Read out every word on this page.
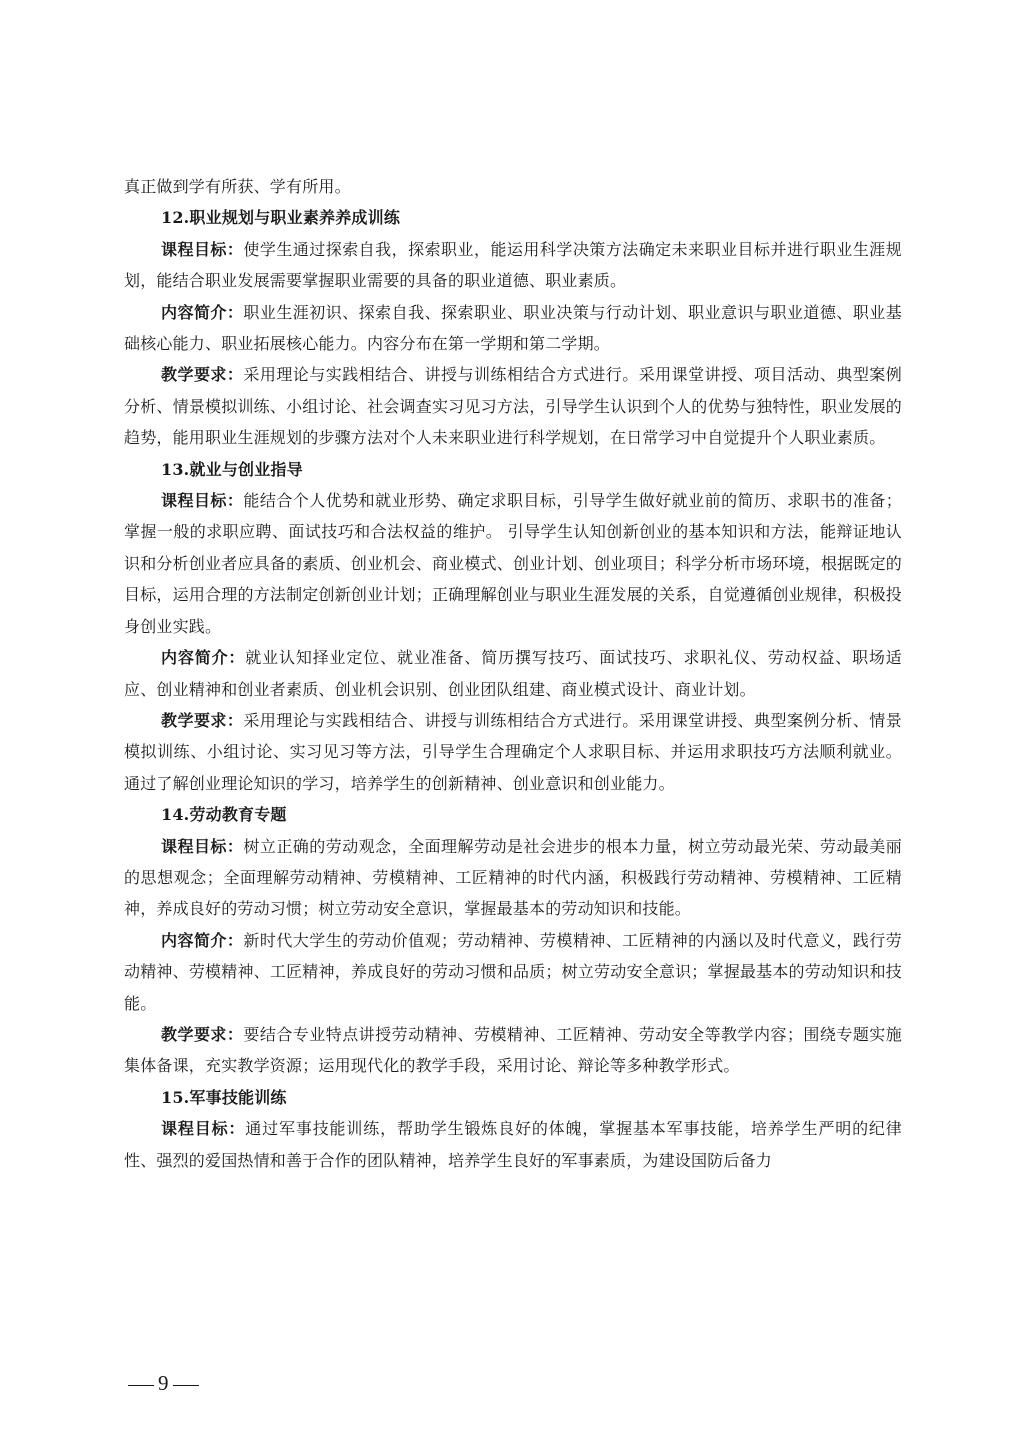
真正做到学有所获、学有所用。

12.职业规划与职业素养养成训练

课程目标：使学生通过探索自我，探索职业，能运用科学决策方法确定未来职业目标并进行职业生涯规划，能结合职业发展需要掌握职业需要的具备的职业道德、职业素质。

内容简介：职业生涯初识、探索自我、探索职业、职业决策与行动计划、职业意识与职业道德、职业基础核心能力、职业拓展核心能力。内容分布在第一学期和第二学期。

教学要求：采用理论与实践相结合、讲授与训练相结合方式进行。采用课堂讲授、项目活动、典型案例分析、情景模拟训练、小组讨论、社会调查实习见习方法，引导学生认识到个人的优势与独特性，职业发展的趋势，能用职业生涯规划的步骤方法对个人未来职业进行科学规划，在日常学习中自觉提升个人职业素质。

13.就业与创业指导

课程目标：能结合个人优势和就业形势、确定求职目标，引导学生做好就业前的简历、求职书的准备；掌握一般的求职应聘、面试技巧和合法权益的维护。 引导学生认知创新创业的基本知识和方法，能辩证地认识和分析创业者应具备的素质、创业机会、商业模式、创业计划、创业项目；科学分析市场环境，根据既定的目标，运用合理的方法制定创新创业计划；正确理解创业与职业生涯发展的关系，自觉遵循创业规律，积极投身创业实践。

内容简介：就业认知择业定位、就业准备、简历撰写技巧、面试技巧、求职礼仪、劳动权益、职场适应、创业精神和创业者素质、创业机会识别、创业团队组建、商业模式设计、商业计划。

教学要求：采用理论与实践相结合、讲授与训练相结合方式进行。采用课堂讲授、典型案例分析、情景模拟训练、小组讨论、实习见习等方法，引导学生合理确定个人求职目标、并运用求职技巧方法顺利就业。 通过了解创业理论知识的学习，培养学生的创新精神、创业意识和创业能力。

14.劳动教育专题

课程目标：树立正确的劳动观念，全面理解劳动是社会进步的根本力量，树立劳动最光荣、劳动最美丽的思想观念；全面理解劳动精神、劳模精神、工匠精神的时代内涵，积极践行劳动精神、劳模精神、工匠精神，养成良好的劳动习惯；树立劳动安全意识，掌握最基本的劳动知识和技能。

内容简介：新时代大学生的劳动价值观；劳动精神、劳模精神、工匠精神的内涵以及时代意义，践行劳动精神、劳模精神、工匠精神，养成良好的劳动习惯和品质；树立劳动安全意识；掌握最基本的劳动知识和技能。

教学要求：要结合专业特点讲授劳动精神、劳模精神、工匠精神、劳动安全等教学内容；围绕专题实施集体备课，充实教学资源；运用现代化的教学手段，采用讨论、辩论等多种教学形式。

15.军事技能训练

课程目标：通过军事技能训练，帮助学生锻炼良好的体魄，掌握基本军事技能，培养学生严明的纪律性、强烈的爱国热情和善于合作的团队精神，培养学生良好的军事素质，为建设国防后备力

9
